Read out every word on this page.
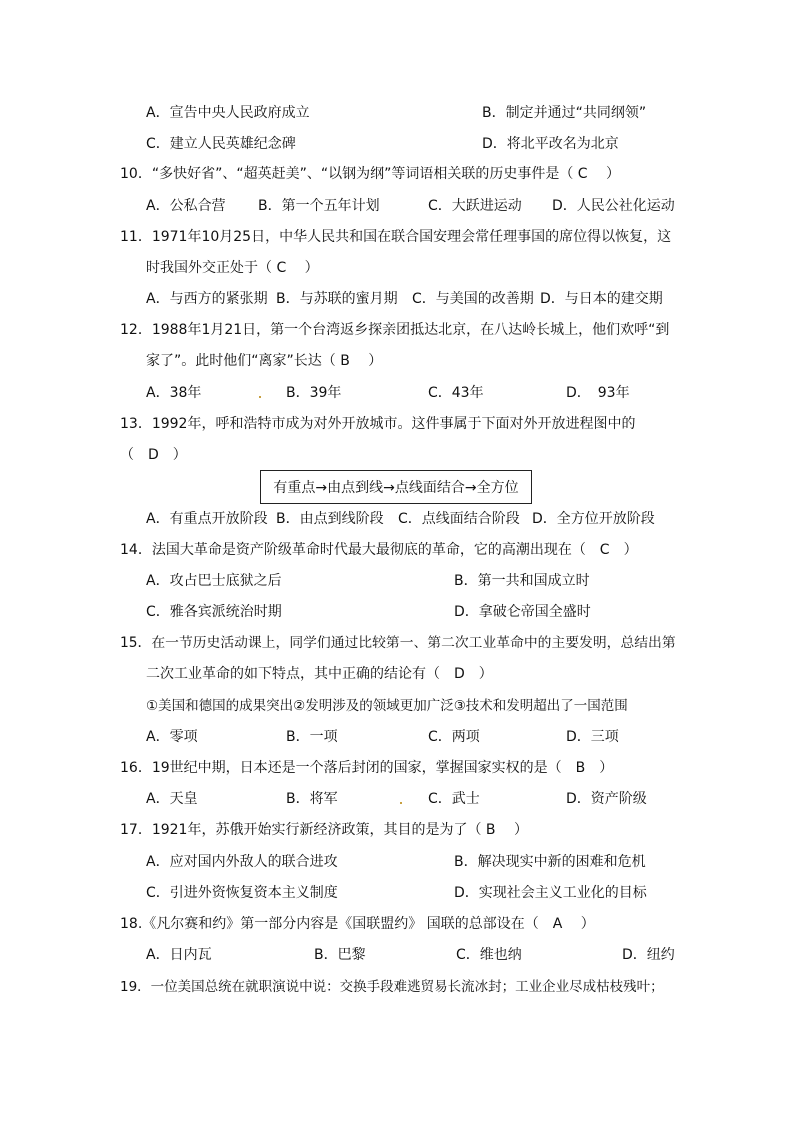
A．宣告中央人民政府成立	B．制定并通过“共同纲领”
C．建立人民英雄纪念碑	D．将北平改名为北京
10．“多快好省”、“超英赶美”、“以钢为纲”等词语相关联的历史事件是（ C　 ）
A．公私合营 B．第一个五年计划	C．大跃进运动 D．人民公社化运动
11．1971年10月25日，中华人民共和国在联合国安理会常任理事国的席位得以恢复，这
时我国外交正处于（ C　 ）
A．与西方的紧张期 B．与苏联的蜜月期 C．与美国的改善期 D．与日本的建交期
12．1988年1月21日，第一个台湾返乡探亲团抵达北京，在八达岭长城上，他们欢呼“到
家了”。此时他们“离家”长达（ B　 ）
A．38年	B．39年	C．43年	D．　93年
13．1992年，呼和浩特市成为对外开放城市。这件事属于下面对外开放进程图中的
（　D　）
有重点→由点到线→点线面结合→全方位
A．有重点开放阶段 B．由点到线阶段 C．点线面结合阶段 D．全方位开放阶段
14．法国大革命是资产阶级革命时代最大最彻底的革命，它的高潮出现在（　C　）
A．攻占巴士底狱之后	B．第一共和国成立时
C．雅各宾派统治时期	D．拿破仑帝国全盛时
15．在一节历史活动课上，同学们通过比较第一、第二次工业革命中的主要发明，总结出第
二次工业革命的如下特点，其中正确的结论有（　D　）
①美国和德国的成果突出②发明涉及的领域更加广泛③技术和发明超出了一国范围
A．零项	B．一项	C．两项	D．三项
16．19世纪中期，日本还是一个落后封闭的国家，掌握国家实权的是（　B　）
A．天皇	B．将军	C．武士	D．资产阶级
17．1921年，苏俄开始实行新经济政策，其目的是为了（ B　 ）
A．应对国内外敌人的联合进攻	B．解决现实中新的困难和危机
C．引进外资恢复资本主义制度	D．实现社会主义工业化的目标
18.《凡尔赛和约》第一部分内容是《国联盟约》 国联的总部设在（　A　 ）
A．日内瓦	B．巴黎	C．维也纳	D．纽约
19．一位美国总统在就职演说中说：交换手段难逃贸易长流冰封；工业企业尽成枯枝残叶；
